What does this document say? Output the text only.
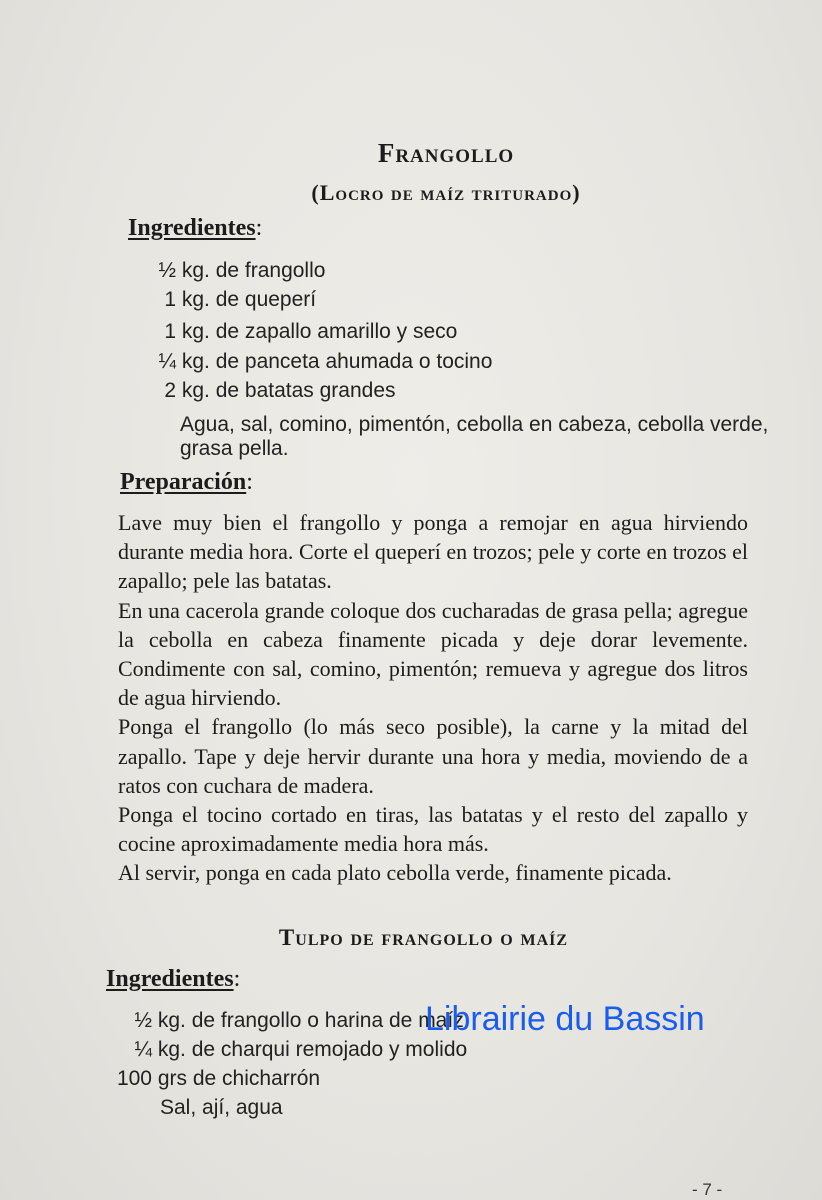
Frangollo
(Locro de maíz triturado)
Ingredientes:
½ kg. de frangollo
1 kg. de queperí
1 kg. de zapallo amarillo y seco
¼ kg. de panceta ahumada o tocino
2 kg. de batatas grandes
Agua, sal, comino, pimentón, cebolla en cabeza, cebolla verde,
grasa pella.
Preparación:

Lave muy bien el frangollo y ponga a remojar en agua hirviendo durante media hora. Corte el queperí en trozos; pele y corte en trozos el zapallo; pele las batatas.

En una cacerola grande coloque dos cucharadas de grasa pella; agregue la cebolla en cabeza finamente picada y deje dorar levemente. Condimente con sal, comino, pimentón; remueva y agregue dos litros de agua hirviendo.

Ponga el frangollo (lo más seco posible), la carne y la mitad del zapallo. Tape y deje hervir durante una hora y media, moviendo de a ratos con cuchara de madera.

Ponga el tocino cortado en tiras, las batatas y el resto del zapallo y cocine aproximadamente media hora más.

Al servir, ponga en cada plato cebolla verde, finamente picada.

Tulpo de frangollo o maíz
Ingredientes:
½ kg. de frangollo o harina de maíz
¼ kg. de charqui remojado y molido
100 grs de chicharrón
Sal, ají, agua
Librairie du Bassin
- 7 -
